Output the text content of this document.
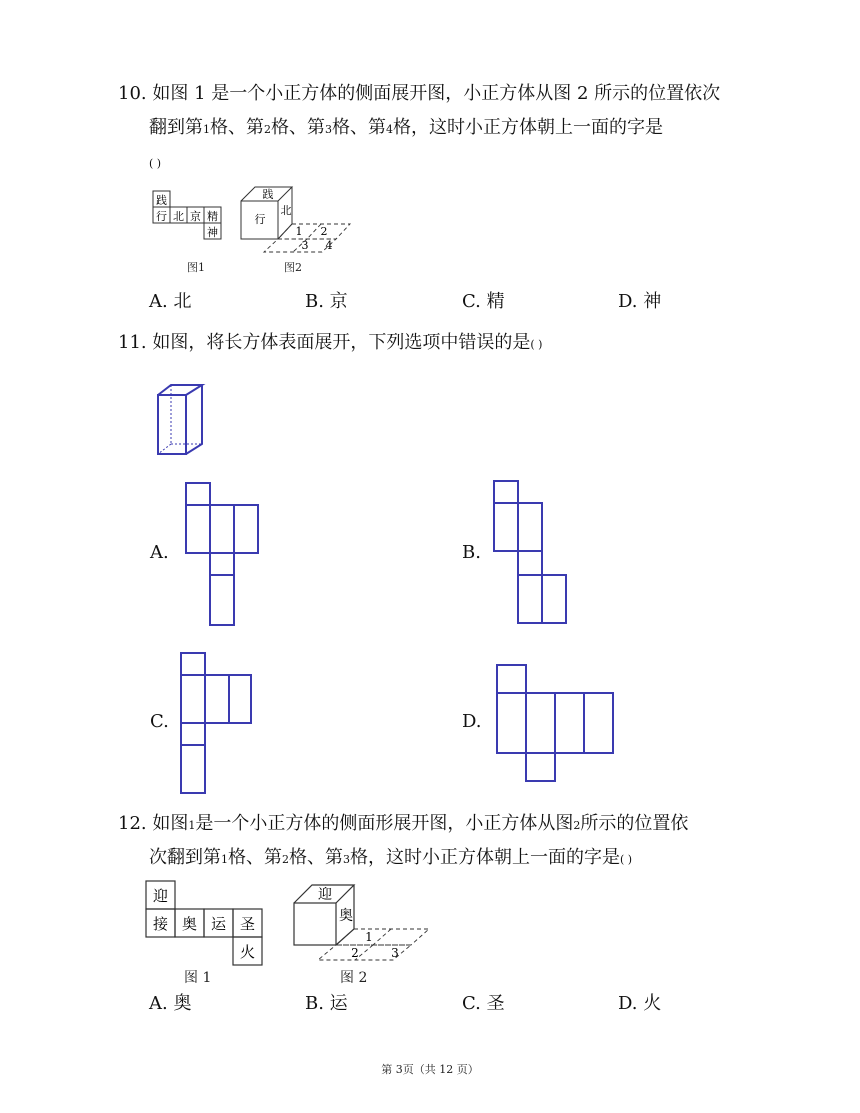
10. 如图 1 是一个小正方体的侧面展开图，小正方体从图 2 所示的位置依次
翻到第1格、第2格、第3格、第4格，这时小正方体朝上一面的字是
( )
践
行 北 京 精
神
图1
践
行
北
1 2
3 4
图2
A. 北	B. 京	C. 精	D. 神
11. 如图，将长方体表面展开，下列选项中错误的是( )
A.	B.
C.	D.
12. 如图1是一个小正方体的侧面形展开图，小正方体从图2所示的位置依
次翻到第1格、第2格、第3格，这时小正方体朝上一面的字是( )
迎
接 奥 运 圣
火
图 1
迎
奥
1
2	3
图 2
A. 奥	B. 运	C. 圣	D. 火
第 3页（共 12 页）
